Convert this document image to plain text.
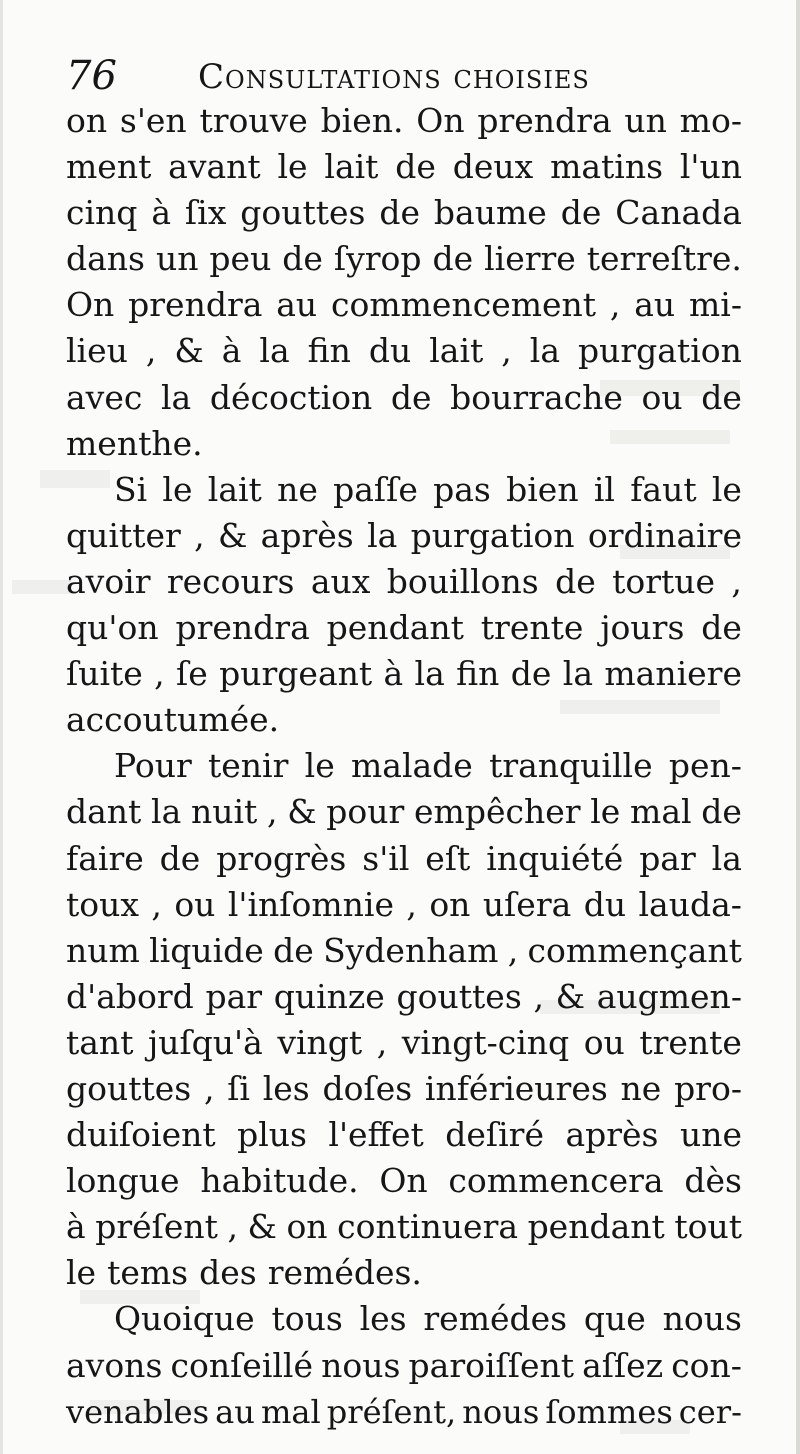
76 Consultations choisies
on s'en trouve bien. On prendra un mo-
ment avant le lait de deux matins l'un
cinq à ſix gouttes de baume de Canada
dans un peu de ſyrop de lierre terreſtre.
On prendra au commencement , au mi-
lieu , & à la fin du lait , la purgation
avec la décoction de bourrache ou de
menthe.
Si le lait ne paſſe pas bien il faut le
quitter , & après la purgation ordinaire
avoir recours aux bouillons de tortue ,
qu'on prendra pendant trente jours de
ſuite , ſe purgeant à la fin de la maniere
accoutumée.
Pour tenir le malade tranquille pen-
dant la nuit , & pour empêcher le mal de
faire de progrès s'il eſt inquiété par la
toux , ou l'inſomnie , on uſera du lauda-
num liquide de Sydenham , commençant
d'abord par quinze gouttes , & augmen-
tant juſqu'à vingt , vingt-cinq ou trente
gouttes , ſi les doſes inférieures ne pro-
duiſoient plus l'effet deſiré après une
longue habitude. On commencera dès
à préſent , & on continuera pendant tout
le tems des remédes.
Quoique tous les remédes que nous
avons conſeillé nous paroiſſent aſſez con-
venables au mal préſent, nous ſommes cer-
